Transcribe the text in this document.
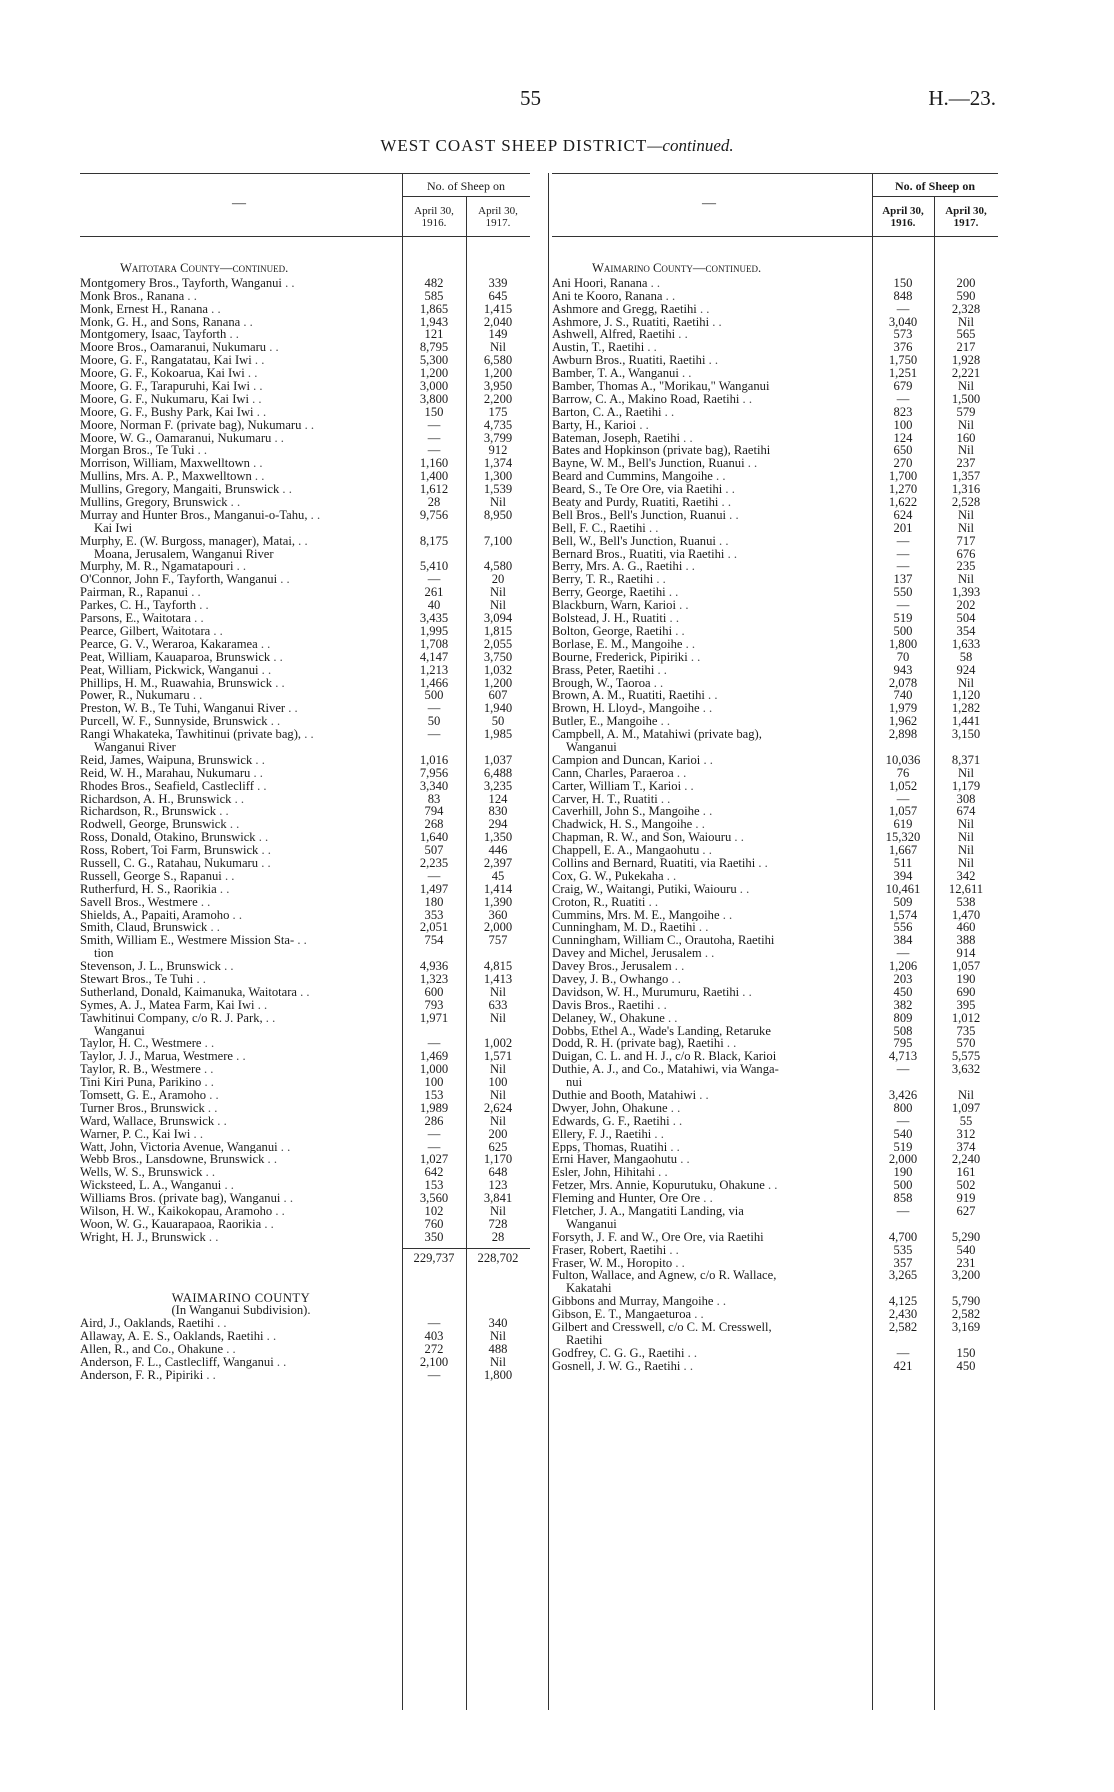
55	H.—23.
WEST COAST SHEEP DISTRICT—continued.
No. of Sheep on
April 30,
1916.
April 30,
1917.
—
No. of Sheep on
April 30,
1916.
April 30,
1917.
—
Waitotara County—continued.
Montgomery Bros., Tayforth, Wanganui . .	482	339
Monk Bros., Ranana . .	585	645
Monk, Ernest H., Ranana . .	1,865	1,415
Monk, G. H., and Sons, Ranana . .	1,943	2,040
Montgomery, Isaac, Tayforth . .	121	149
Moore Bros., Oamaranui, Nukumaru . .	8,795	Nil
Moore, G. F., Rangatatau, Kai Iwi . .	5,300	6,580
Moore, G. F., Kokoarua, Kai Iwi . .	1,200	1,200
Moore, G. F., Tarapuruhi, Kai Iwi . .	3,000	3,950
Moore, G. F., Nukumaru, Kai Iwi . .	3,800	2,200
Moore, G. F., Bushy Park, Kai Iwi . .	150	175
Moore, Norman F. (private bag), Nukumaru . .	—	4,735
Moore, W. G., Oamaranui, Nukumaru . .	—	3,799
Morgan Bros., Te Tuki . .	—	912
Morrison, William, Maxwelltown . .	1,160	1,374
Mullins, Mrs. A. P., Maxwelltown . .	1,400	1,300
Mullins, Gregory, Mangaiti, Brunswick . .	1,612	1,539
Mullins, Gregory, Brunswick . .	28	Nil
Murray and Hunter Bros., Manganui-o-Tahu, . .	9,756	8,950
Kai Iwi
Murphy, E. (W. Burgoss, manager), Matai, . .	8,175	7,100
Moana, Jerusalem, Wanganui River
Murphy, M. R., Ngamatapouri . .	5,410	4,580
O'Connor, John F., Tayforth, Wanganui . .	—	20
Pairman, R., Rapanui . .	261	Nil
Parkes, C. H., Tayforth . .	40	Nil
Parsons, E., Waitotara . .	3,435	3,094
Pearce, Gilbert, Waitotara . .	1,995	1,815
Pearce, G. V., Weraroa, Kakaramea . .	1,708	2,055
Peat, William, Kauaparoa, Brunswick . .	4,147	3,750
Peat, William, Pickwick, Wanganui . .	1,213	1,032
Phillips, H. M., Ruawahia, Brunswick . .	1,466	1,200
Power, R., Nukumaru . .	500	607
Preston, W. B., Te Tuhi, Wanganui River . .	—	1,940
Purcell, W. F., Sunnyside, Brunswick . .	50	50
Rangi Whakateka, Tawhitinui (private bag), . .	—	1,985
Wanganui River
Reid, James, Waipuna, Brunswick . .	1,016	1,037
Reid, W. H., Marahau, Nukumaru . .	7,956	6,488
Rhodes Bros., Seafield, Castlecliff . .	3,340	3,235
Richardson, A. H., Brunswick . .	83	124
Richardson, R., Brunswick . .	794	830
Rodwell, George, Brunswick . .	268	294
Ross, Donald, Otakino, Brunswick . .	1,640	1,350
Ross, Robert, Toi Farm, Brunswick . .	507	446
Russell, C. G., Ratahau, Nukumaru . .	2,235	2,397
Russell, George S., Rapanui . .	—	45
Rutherfurd, H. S., Raorikia . .	1,497	1,414
Savell Bros., Westmere . .	180	1,390
Shields, A., Papaiti, Aramoho . .	353	360
Smith, Claud, Brunswick . .	2,051	2,000
Smith, William E., Westmere Mission Sta- . .	754	757
tion
Stevenson, J. L., Brunswick . .	4,936	4,815
Stewart Bros., Te Tuhi . .	1,323	1,413
Sutherland, Donald, Kaimanuka, Waitotara . .	600	Nil
Symes, A. J., Matea Farm, Kai Iwi . .	793	633
Tawhitinui Company, c/o R. J. Park, . .	1,971	Nil
Wanganui
Taylor, H. C., Westmere . .	—	1,002
Taylor, J. J., Marua, Westmere . .	1,469	1,571
Taylor, R. B., Westmere . .	1,000	Nil
Tini Kiri Puna, Parikino . .	100	100
Tomsett, G. E., Aramoho . .	153	Nil
Turner Bros., Brunswick . .	1,989	2,624
Ward, Wallace, Brunswick . .	286	Nil
Warner, P. C., Kai Iwi . .	—	200
Watt, John, Victoria Avenue, Wanganui . .	—	625
Webb Bros., Lansdowne, Brunswick . .	1,027	1,170
Wells, W. S., Brunswick . .	642	648
Wicksteed, L. A., Wanganui . .	153	123
Williams Bros. (private bag), Wanganui . .	3,560	3,841
Wilson, H. W., Kaikokopau, Aramoho . .	102	Nil
Woon, W. G., Kauarapaoa, Raorikia . .	760	728
Wright, H. J., Brunswick . .	350	28
229,737	228,702
WAIMARINO COUNTY
(In Wanganui Subdivision).
Aird, J., Oaklands, Raetihi . .	—	340
Allaway, A. E. S., Oaklands, Raetihi . .	403	Nil
Allen, R., and Co., Ohakune . .	272	488
Anderson, F. L., Castlecliff, Wanganui . .	2,100	Nil
Anderson, F. R., Pipiriki . .	—	1,800
Waimarino County—continued.
Ani Hoori, Ranana . .	150	200
Ani te Kooro, Ranana . .	848	590
Ashmore and Gregg, Raetihi . .	—	2,328
Ashmore, J. S., Ruatiti, Raetihi . .	3,040	Nil
Ashwell, Alfred, Raetihi . .	573	565
Austin, T., Raetihi . .	376	217
Awburn Bros., Ruatiti, Raetihi . .	1,750	1,928
Bamber, T. A., Wanganui . .	1,251	2,221
Bamber, Thomas A., "Morikau," Wanganui	679	Nil
Barrow, C. A., Makino Road, Raetihi . .	—	1,500
Barton, C. A., Raetihi . .	823	579
Barty, H., Karioi . .	100	Nil
Bateman, Joseph, Raetihi . .	124	160
Bates and Hopkinson (private bag), Raetihi	650	Nil
Bayne, W. M., Bell's Junction, Ruanui . .	270	237
Beard and Cummins, Mangoihe . .	1,700	1,357
Beard, S., Te Ore Ore, via Raetihi . .	1,270	1,316
Beaty and Purdy, Ruatiti, Raetihi . .	1,622	2,528
Bell Bros., Bell's Junction, Ruanui . .	624	Nil
Bell, F. C., Raetihi . .	201	Nil
Bell, W., Bell's Junction, Ruanui . .	—	717
Bernard Bros., Ruatiti, via Raetihi . .	—	676
Berry, Mrs. A. G., Raetihi . .	—	235
Berry, T. R., Raetihi . .	137	Nil
Berry, George, Raetihi . .	550	1,393
Blackburn, Warn, Karioi . .	—	202
Bolstead, J. H., Ruatiti . .	519	504
Bolton, George, Raetihi . .	500	354
Borlase, E. M., Mangoihe . .	1,800	1,633
Bourne, Frederick, Pipiriki . .	70	58
Brass, Peter, Raetihi . .	943	924
Brough, W., Taoroa . .	2,078	Nil
Brown, A. M., Ruatiti, Raetihi . .	740	1,120
Brown, H. Lloyd-, Mangoihe . .	1,979	1,282
Butler, E., Mangoihe . .	1,962	1,441
Campbell, A. M., Matahiwi (private bag),	2,898	3,150
Wanganui
Campion and Duncan, Karioi . .	10,036	8,371
Cann, Charles, Paraeroa . .	76	Nil
Carter, William T., Karioi . .	1,052	1,179
Carver, H. T., Ruatiti . .	—	308
Caverhill, John S., Mangoihe . .	1,057	674
Chadwick, H. S., Mangoihe . .	619	Nil
Chapman, R. W., and Son, Waiouru . .	15,320	Nil
Chappell, E. A., Mangaohutu . .	1,667	Nil
Collins and Bernard, Ruatiti, via Raetihi . .	511	Nil
Cox, G. W., Pukekaha . .	394	342
Craig, W., Waitangi, Putiki, Waiouru . .	10,461	12,611
Croton, R., Ruatiti . .	509	538
Cummins, Mrs. M. E., Mangoihe . .	1,574	1,470
Cunningham, M. D., Raetihi . .	556	460
Cunningham, William C., Orautoha, Raetihi	384	388
Davey and Michel, Jerusalem . .	—	914
Davey Bros., Jerusalem . .	1,206	1,057
Davey, J. B., Owhango . .	203	190
Davidson, W. H., Murumuru, Raetihi . .	450	690
Davis Bros., Raetihi . .	382	395
Delaney, W., Ohakune . .	809	1,012
Dobbs, Ethel A., Wade's Landing, Retaruke	508	735
Dodd, R. H. (private bag), Raetihi . .	795	570
Duigan, C. L. and H. J., c/o R. Black, Karioi	4,713	5,575
Duthie, A. J., and Co., Matahiwi, via Wanga-	—	3,632
nui
Duthie and Booth, Matahiwi . .	3,426	Nil
Dwyer, John, Ohakune . .	800	1,097
Edwards, G. F., Raetihi . .	—	55
Ellery, F. J., Raetihi . .	540	312
Epps, Thomas, Ruatihi . .	519	374
Erni Haver, Mangaohutu . .	2,000	2,240
Esler, John, Hihitahi . .	190	161
Fetzer, Mrs. Annie, Kopurutuku, Ohakune . .	500	502
Fleming and Hunter, Ore Ore . .	858	919
Fletcher, J. A., Mangatiti Landing, via	—	627
Wanganui
Forsyth, J. F. and W., Ore Ore, via Raetihi	4,700	5,290
Fraser, Robert, Raetihi . .	535	540
Fraser, W. M., Horopito . .	357	231
Fulton, Wallace, and Agnew, c/o R. Wallace,	3,265	3,200
Kakatahi
Gibbons and Murray, Mangoihe . .	4,125	5,790
Gibson, E. T., Mangaeturoa . .	2,430	2,582
Gilbert and Cresswell, c/o C. M. Cresswell,	2,582	3,169
Raetihi
Godfrey, C. G. G., Raetihi . .	—	150
Gosnell, J. W. G., Raetihi . .	421	450
